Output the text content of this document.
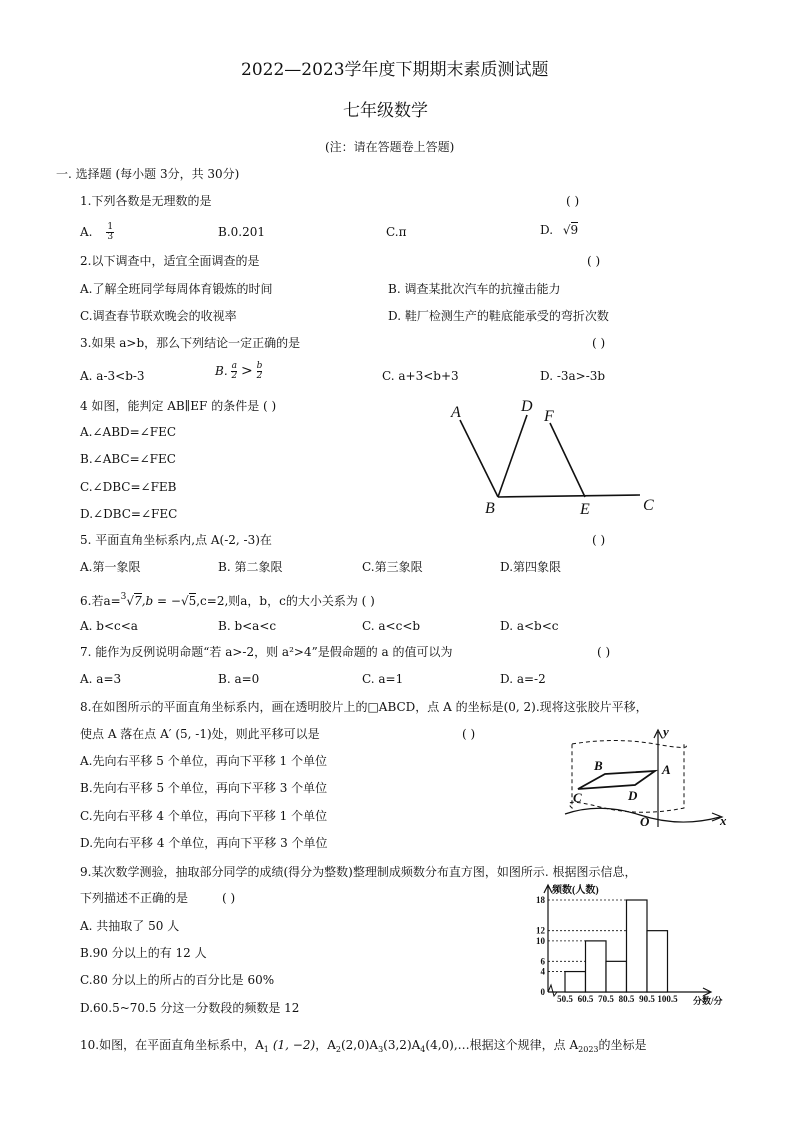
2022—2023学年度下期期末素质测试题
七年级数学
(注：请在答题卷上答题)
一. 选择题 (每小题 3分，共 30分)
1.下列各数是无理数的是	( )
A. $\frac{1}{3}$	B.0.201	C.π	D. √9
2.以下调查中，适宜全面调查的是	( )
A.了解全班同学每周体育锻炼的时间	B. 调查某批次汽车的抗撞击能力
C.调查春节联欢晚会的收视率	D. 鞋厂检测生产的鞋底能承受的弯折次数
3.如果 a>b，那么下列结论一定正确的是	( )
A. a-3<b-3	B. $\frac{a}{2} > \frac{b}{2}$	C. a+3<b+3	D. -3a>-3b
4 如图，能判定 AB∥EF 的条件是 ( )
A.∠ABD=∠FEC
B.∠ABC=∠FEC
C.∠DBC=∠FEB
D.∠DBC=∠FEC
A	D
F
B	E	C
5. 平面直角坐标系内,点 A(-2, -3)在	( )
A.第一象限	B. 第二象限	C.第三象限	D.第四象限
6.若a=$^3$√7,b = −√5,c=2,则a，b，c的大小关系为 ( )
A. b<c<a	B. b<a<c	C. a<c<b	D. a<b<c
7. 能作为反例说明命题“若 a>-2，则 a²>4”是假命题的 a 的值可以为	( )
A. a=3	B. a=0	C. a=1	D. a=-2
8.在如图所示的平面直角坐标系内，画在透明胶片上的□ABCD，点 A 的坐标是(0, 2).现将这张胶片平移，
使点 A 落在点 A′ (5, -1)处，则此平移可以是	( )
A.先向右平移 5 个单位，再向下平移 1 个单位
B.先向右平移 5 个单位，再向下平移 3 个单位
C.先向右平移 4 个单位，再向下平移 1 个单位
D.先向右平移 4 个单位，再向下平移 3 个单位
y
A
B
C	D
O	x
9.某次数学测验，抽取部分同学的成绩(得分为整数)整理制成频数分布直方图，如图所示. 根据图示信息，
下列描述不正确的是	( )
A. 共抽取了 50 人
B.90 分以上的有 12 人
C.80 分以上的所占的百分比是 60%
D.60.5~70.5 分这一分数段的频数是 12
18
12
10
6
4
0
50.5 60.5 70.5 80.5 90.5 100.5
频数(人数)
分数/分
10.如图，在平面直角坐标系中，$A_1$ (1, −2)，$A_2(2,0)A_3(3,2)A_4(4,0),\dots$根据这个规律，点 $A_{2023}$的坐标是
